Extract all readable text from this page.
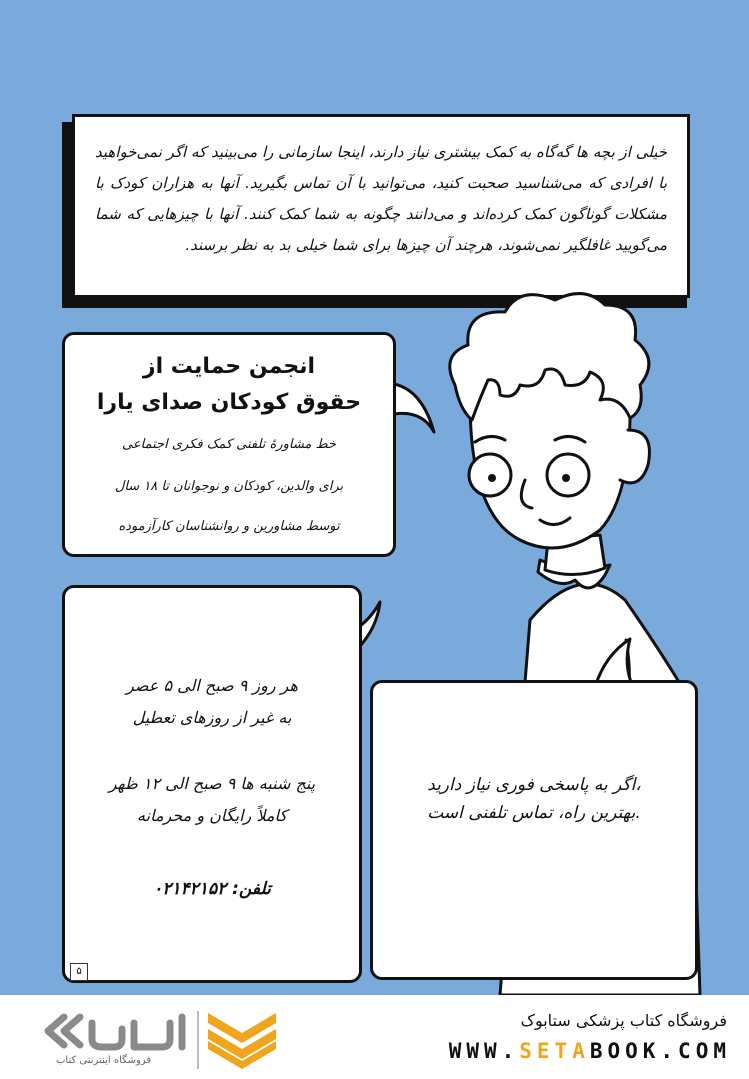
خیلی از بچه ها گه‌گاه به کمک بیشتری نیاز دارند، اینجا سازمانی را می‌بینید که اگر نمی‌خواهید با افرادی که می‌شناسید صحبت کنید، می‌توانید با آن تماس بگیرید. آنها به هزاران کودک با مشکلات گوناگون کمک کرده‌اند و می‌دانند چگونه به شما کمک کنند. آنها با چیزهایی که شما می‌گویید غافلگیر نمی‌شوند، هرچند آن چیزها برای شما خیلی بد به نظر برسند.
انجمن حمایت از
حقوق کودکان صدای یارا
خط مشاورۀ تلفنی کمک فکری اجتماعی
برای والدین، کودکان و نوجوانان تا ۱۸ سال
توسط مشاورین و روانشناسان کارآزموده
هر روز ۹ صبح الی ۵ عصر
به غیر از روزهای تعطیل
پنج شنبه ها ۹ صبح الی ۱۲ ظهر
کاملاً رایگان و محرمانه
تلفن: ۰۲۱۴۲۱۵۲
اگر به پاسخی فوری نیاز دارید،
بهترین راه، تماس تلفنی است.
۵
فروشگاه اینترنتی کتاب
فروشگاه کتاب پزشکی ستابوک
WWW.SETABOOK.COM
